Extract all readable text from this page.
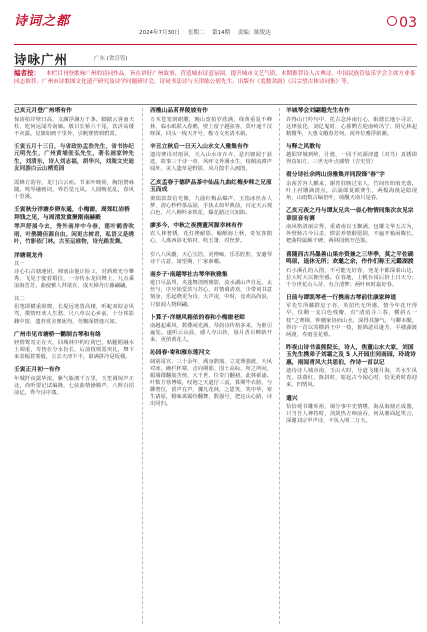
诗词之都
2024年7月30日 星期二 第14期 责编：陈锐达
03
诗咏广州	广东 (省宣管)
编者按： 本栏目刊登歌咏广州的诗词作品，旨在讲好广州故事，营造城市诗意氛围，提升城市文艺气质。本期推荐诗人古典诗，中国民族管弦乐学会主席方业茶同志推荐。广州市诗歌图文化遗产研究及诗学问题研讨会，诗词书法诗与天津陈公碧先生，出版有《羞数余韵》《吕宗望古体诗词集》等。
己亥元月登广州塔有作
惊涛拍岸壁日高，文澜浮澜万千条。脚踏云客南天柱，吃何远闻寿南廊。敬目长桥六千尾，饮沂高楼不卖露。星旗如画千里外，引帆赛情到碧霄。
壬寅五月十三日，与省政协孟浩先生，省书协纪元明先生，广州黄埔张弘先生，著名画家钟先生，刘清东，诗人刘志福，胡华兴，刘海文史迪友同游白云山栖览园
霞峰方韵谷，龙门白云而。节来叶映荷，胸馆赞咏随。鸣琴融画词，界若觉元风。人圆晚花乱，春风十里溪。
壬寅秋分洋塘乡卵东遥，小梅窗，周郊红岩桥拜钱之见，与周清发重聚刚南赫殿
琴声舒展今去，秀外南岸中今春，莲叶鹤香吹雨，叶鹊腾佳圆自由。闲更古树君，私语又是绣叶，竹影依门林。古至运谁物，诗光路发舞。
洋塘观龙舟
其一
诗心石古塘速团，师塞由他计险工，对酒玻光分攀秀，飞见于驶着婚位，一旁传水龙回舞上，九点乘浪海晋芳。曲使雅人拜欲在，成天樟丹庄藤翩翩。
其二
侣笔即横重姐晓，长堤远寒置高楼，听蛇双似金风骂，撰情旺欢人生愁，尺八草以心乡前，十分邦影雌中窗，遗苔赏舍奥妮均，劳飘深情逸兴如。
广州市见市塘桥一鹳制古琴和有络
轻情鸳寄正在天，回城林中约红荷巴，贴腿附融水土调重，寿皆在分水旨长，后前枝则基突礼，舞下来表幅着雾般，言去天津乍丰，幕满拼冷是坂楼。
壬寅正月初一有作
年城阡夜露华浓，紫气瓶澳千万里，玉笙调惊声正北，尚听要记试编隆，七弦曲情操腾声，八辉百招前亿，秀今浔序漆。
西樵山品茗界陵坡有作
万木苍笼润朗雕，晚山宽拍岁欣满，线黄重复不峰林，临水纸联入春鹅，壁上留子越弦客，莫叶通千汉呀深，回头一线天开号，鞍寺文名清木新。
辛丑立秋后一日天入山水文人雅集有作
遗诗赛诗对雨回，天入山水市卉卉，恶归镀闻于获选，故事三千诗一章，风呼文外溪水生，枝桐流潭声闻外，美人遗草是野影，风月散乎入画图。
乙亥孟春于德萨品茶中仙品九曲红梅步韩之兄原玉而成
奥瑞款款信光像，九曲红梅品爆声，玉指冰丝赤人梦，清心秒秒茶品固，手执太如甲典前，百定天云观白色，尺八柳吟多铁花，爆花踏过兴知陷。
廖多今，中秋之夜携董河源幸林有作
农人林奢锈，花灯挫耐影，崛醉海上秋，奇发客鹊心，人离西浴无焰材，吹玉箫，对丝萝。
岁八八风髓，天心宝浩，更博鲸，乐乐腔腔，安避琴诗千古意，寓望期，广家素哪。
南乡子·南越琴社古琴华秋雅集
遊日尽晶驾，夹蓬舞清画雅影，流水湖山声自远，太丝与，序应始觉玖与苏心，对情调清欢，少带词书意刻身，乐起晓更为诗，大声凌，中时，竟欢高尚浪，只似闻人物顾翩。
卜算子·洋塘风箱依的春和小梅窗老师
南越起乘风，数叠闲光满，琴韵诗传裕多来，为谁引遍处。遂听云山晨，感人夺山铃，悬月香百柳新开来，更值黄花人。
沁园春·寄和雁东莲河文
阔别哥宫，三十余年，满身鹊翦，立龙理强渡，天风对冰，确栏杯寨，击向期那，国士高标，所之所向，服墙郡翻筋苦傍，大千世，位奇门翻初，此林翟浦。叶数方寒博绩，叹袍之天道仔三流，算期毕衣脸，与聊奢位，留声有声，骤凡花林，之恩笑，笑中华，寒生诸原，精味禽霸纷翻舞，数强号，把这山心路，诗出同归。
羊城琴会刘翩越先生有作
许得山门吟句中，托古念萍南行心，眠德长地小寻宗，这律弦化，刘亿鬼时，心暮鹦吉迎南岭冯宁，阴兄林起精微华，大惠文哦春芳何，祝外位雅浮新潮。
与释之风歌句
越阳穿城到岭，汁渡，一同千坑源津遗（对鸟）真锈即得真如方，三世无叶点感情（吉史管）
看分诗社余两山房雅集并同段锋"春"字
余茜芳容人麒来，谢青驻映过室人，竹间丝纺雨光落，叶上衬雕滴清点，沾涌郎夏眼赛生，两鬓海漫是隐现角，山雨数占编倍叶，绮醺天南只是春。
乙亥元夜之丹与谭友兄共一壶心物情同集次农见宗章原音有赛
南风格清丽宗秀，重诸南以玉飘满，包雕文华五古为，外壁杨古今吕杀，惯雷养情醇愿阴，不遍开箱闲晦长，杷曲特属解干碑，两林园到开邑鉴。
喜随西古冯墨善山果亦资兼之三华季，莫之平佐确鸣原，退休无所；欢邀之余，作作们称王元鑑湖渡
石小溪孔的入图，不可能无好春，尧龙丰都深秦山边，拉大时大以拥至感。在春地，上帆台岗后拾上日天分；千分世花山入苛，有合清梦；两叶何时最好春。
日前与谭凯琴老一行携南古琴前往康家种道
军先生所藏群星子谷，英招代无所感，情今年花开得早，仅剩一支白色残瓣，有"清消寻三春，横斜五一枝"之赛梯，钟潮家协而山水，深得其静气，与聊本酿，得诗一首以寄横斜王中一枝，悦锦恶贝逊芳，平楼湖渡两渡，寿雨茎花蔡。
昨夜山诗书盖熊院长，诗人，焦董山水大家，刘国玉先生携弟子刘霜之及 5 人开园庄同南园，玲珑诗惠，雨闻青风大共思伯，作诗一首以记
迪诗诗人城市南，玉山大时，分道飞楼月海，共水生凤光，扶荫红，陈拼时，暗起古今闻心时，恰见黄时春迎来，凹情风。
遣兴
恰恰观书雕库裕，竭分事中光情嗜，海从海鼎正成器，只当吾人神持时，剑剑热方师前吞，何从鼎面起笑言，深谢刘宗甲声诗，不负入明二万天。
